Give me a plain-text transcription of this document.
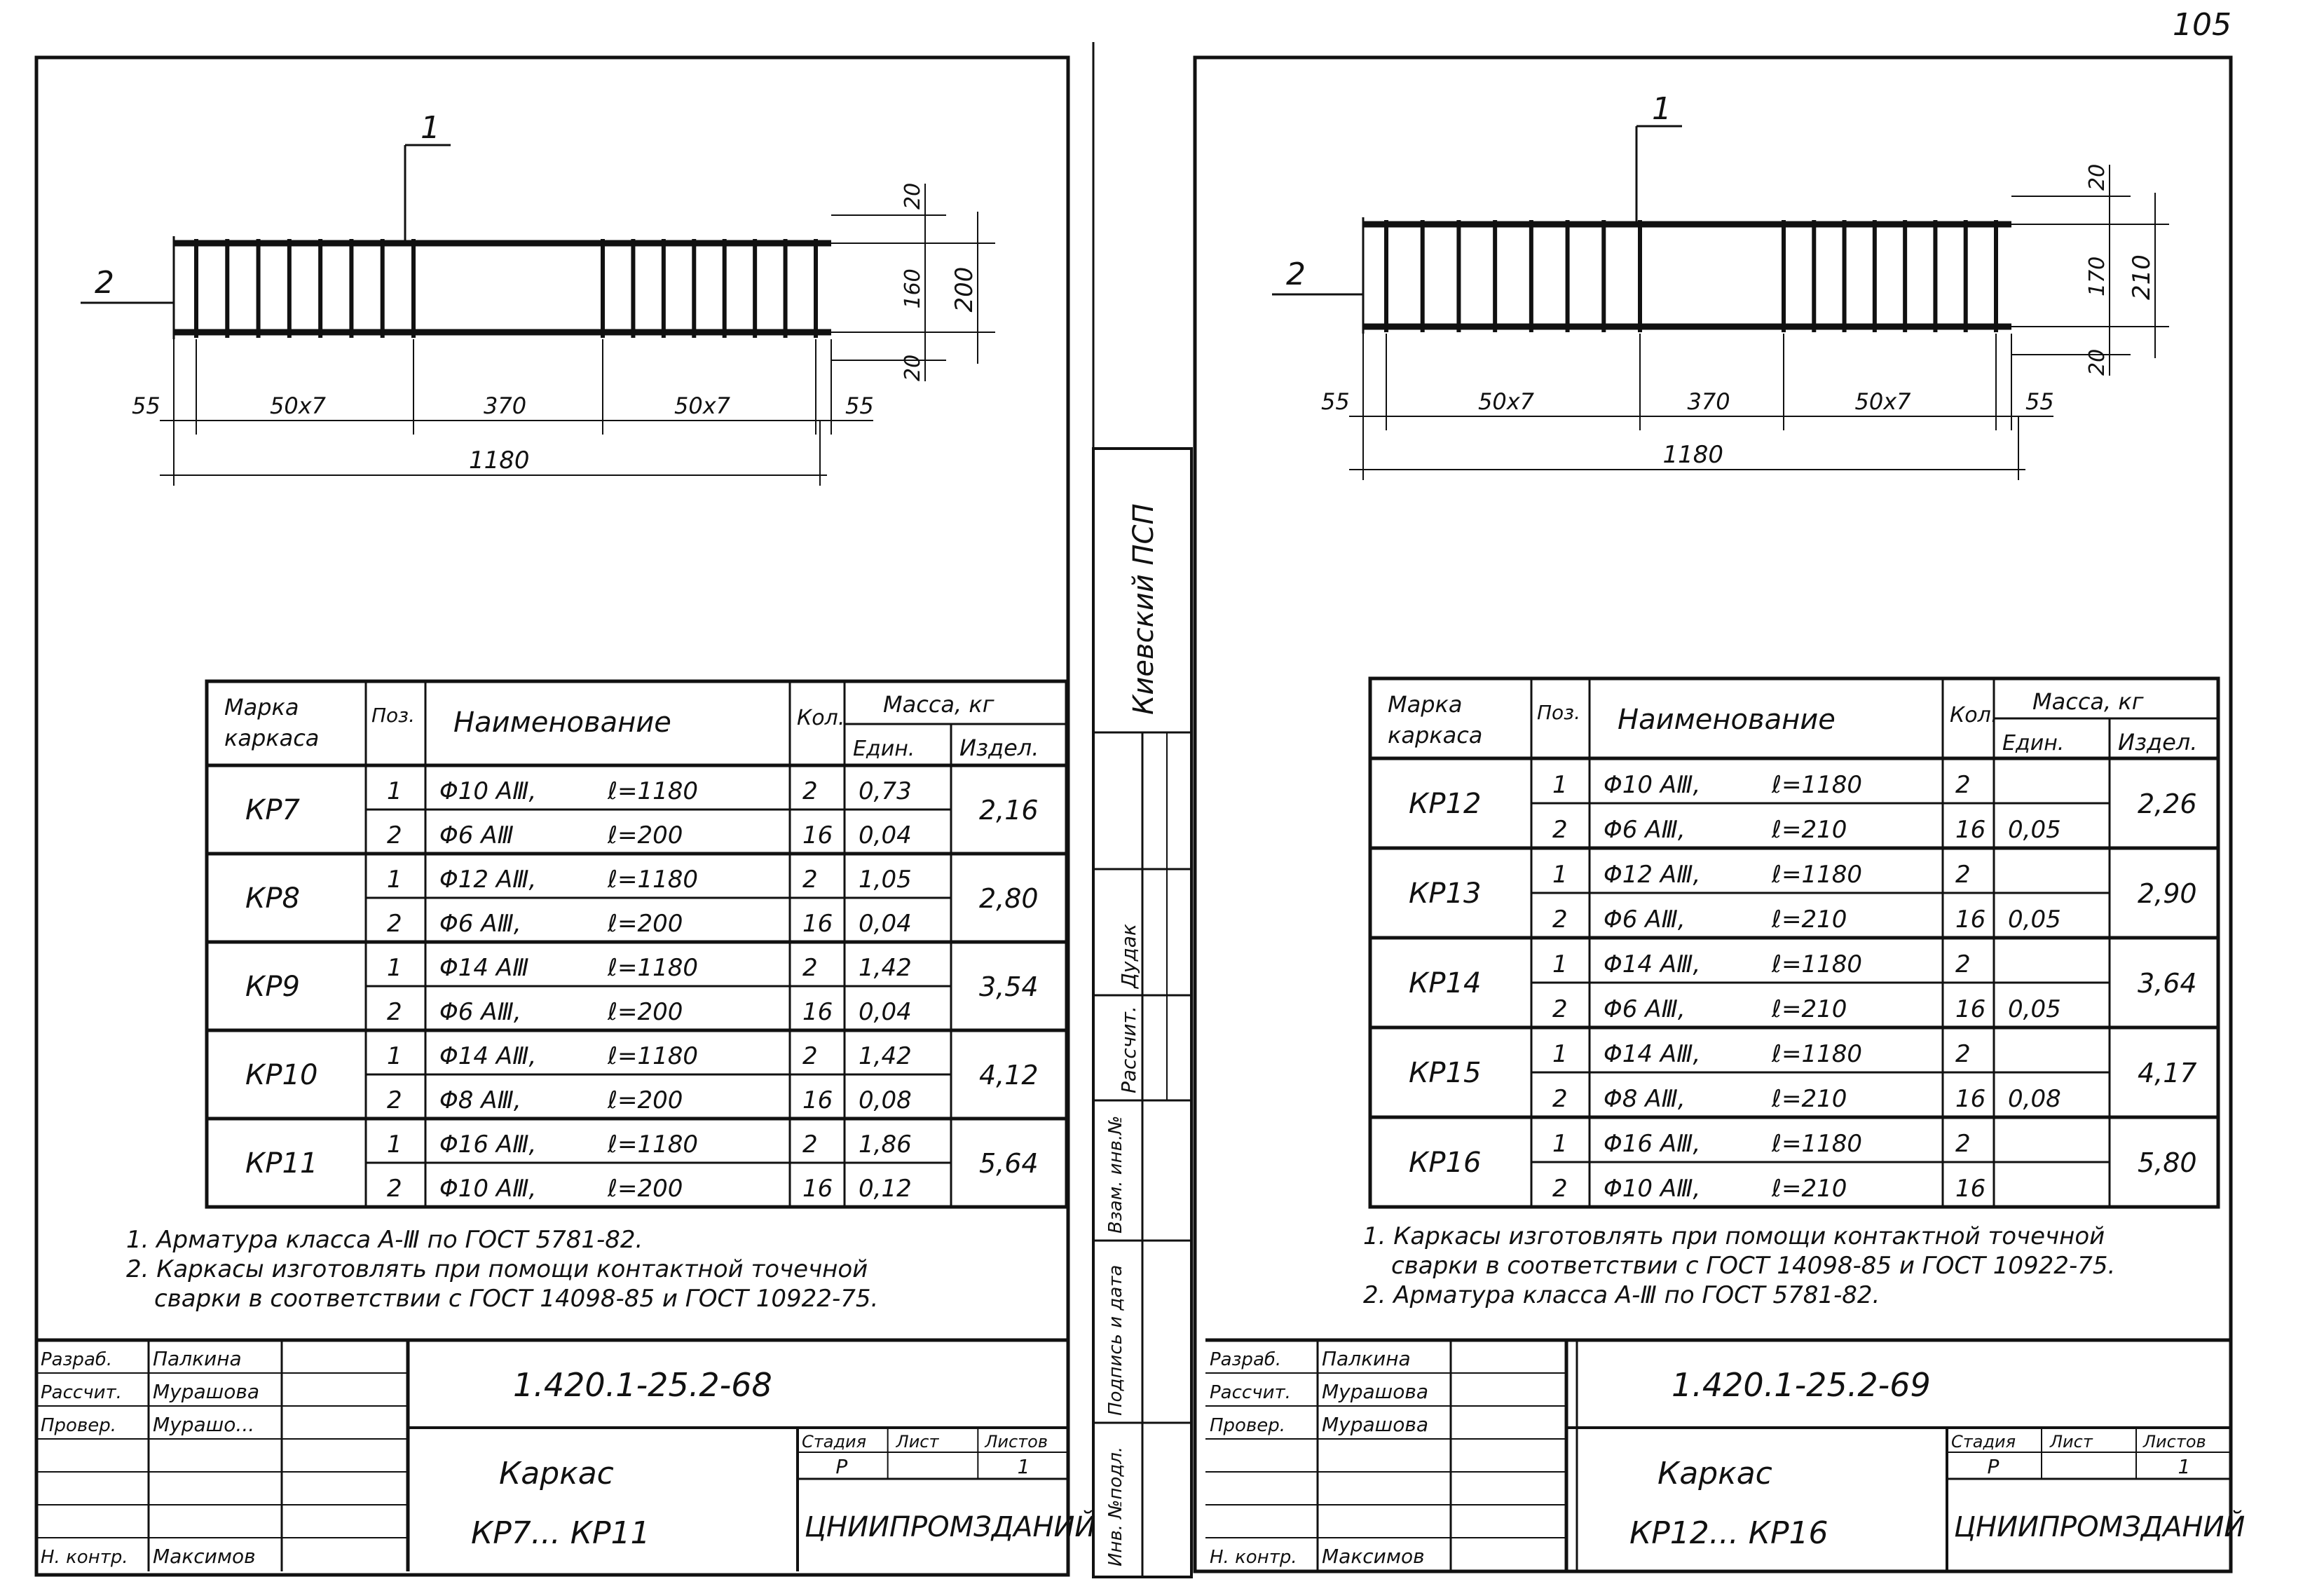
105
2
1
20
160
20
200
55	50x7	370	50x7	55
1180
Марка
каркаса
Поз. Наименование	Кол.
Масса, кг
Един. Издел.
КР7	2,16
1 Φ10 AⅢ,	ℓ=1180	2 0,73
2 Φ6 AⅢ	ℓ=200	16 0,04
КР8	2,80
1 Φ12 AⅢ,	ℓ=1180	2 1,05
2 Φ6 AⅢ,	ℓ=200	16 0,04
КР9	3,54
1 Φ14 AⅢ	ℓ=1180	2 1,42
2 Φ6 AⅢ,	ℓ=200	16 0,04
КР10	4,12
1 Φ14 AⅢ,	ℓ=1180	2 1,42
2 Φ8 AⅢ,	ℓ=200	16 0,08
КР11	5,64
1 Φ16 AⅢ,	ℓ=1180	2 1,86
2 Φ10 AⅢ,	ℓ=200	16 0,12
1. Арматура класса А-Ⅲ по ГОСТ 5781-82.
2. Каркасы изготовлять при помощи контактной точечной
сварки в соответствии с ГОСТ 14098-85 и ГОСТ 10922-75.
Разраб. Палкина
Рассчит. Мурашова
Провер. Мурашо...
Н. контр. Максимов
1.420.1-25.2-68
Каркас
КР7... КР11
Стадия Лист	Листов
Р	1
ЦНИИПРОМЗДАНИЙ
2
1
20
170
20
210
55	50x7	370	50x7	55
1180
Марка
каркаса
Поз. Наименование	Кол.
Масса, кг
Един. Издел.
КР12	2,26
1 Φ10 AⅢ,	ℓ=1180	2
2 Φ6 AⅢ,	ℓ=210	16 0,05
КР13	2,90
1 Φ12 AⅢ,	ℓ=1180	2
2 Φ6 AⅢ,	ℓ=210	16 0,05
КР14	3,64
1 Φ14 AⅢ,	ℓ=1180	2
2 Φ6 AⅢ,	ℓ=210	16 0,05
КР15	4,17
1 Φ14 AⅢ,	ℓ=1180	2
2 Φ8 AⅢ,	ℓ=210	16 0,08
КР16	5,80
1 Φ16 AⅢ,	ℓ=1180	2
2 Φ10 AⅢ,	ℓ=210	16
1. Каркасы изготовлять при помощи контактной точечной
сварки в соответствии с ГОСТ 14098-85 и ГОСТ 10922-75.
2. Арматура класса А-Ⅲ по ГОСТ 5781-82.
Разраб. Палкина
Рассчит. Мурашова
Провер. Мурашова
Н. контр. Максимов
1.420.1-25.2-69
Каркас
КР12... КР16
Стадия Лист	Листов
Р	1
ЦНИИПРОМЗДАНИЙ
Киевский ПСП
Рассчит.
Дудак
Инв. №подл.
Подпись и дата
Взам. инв.№
